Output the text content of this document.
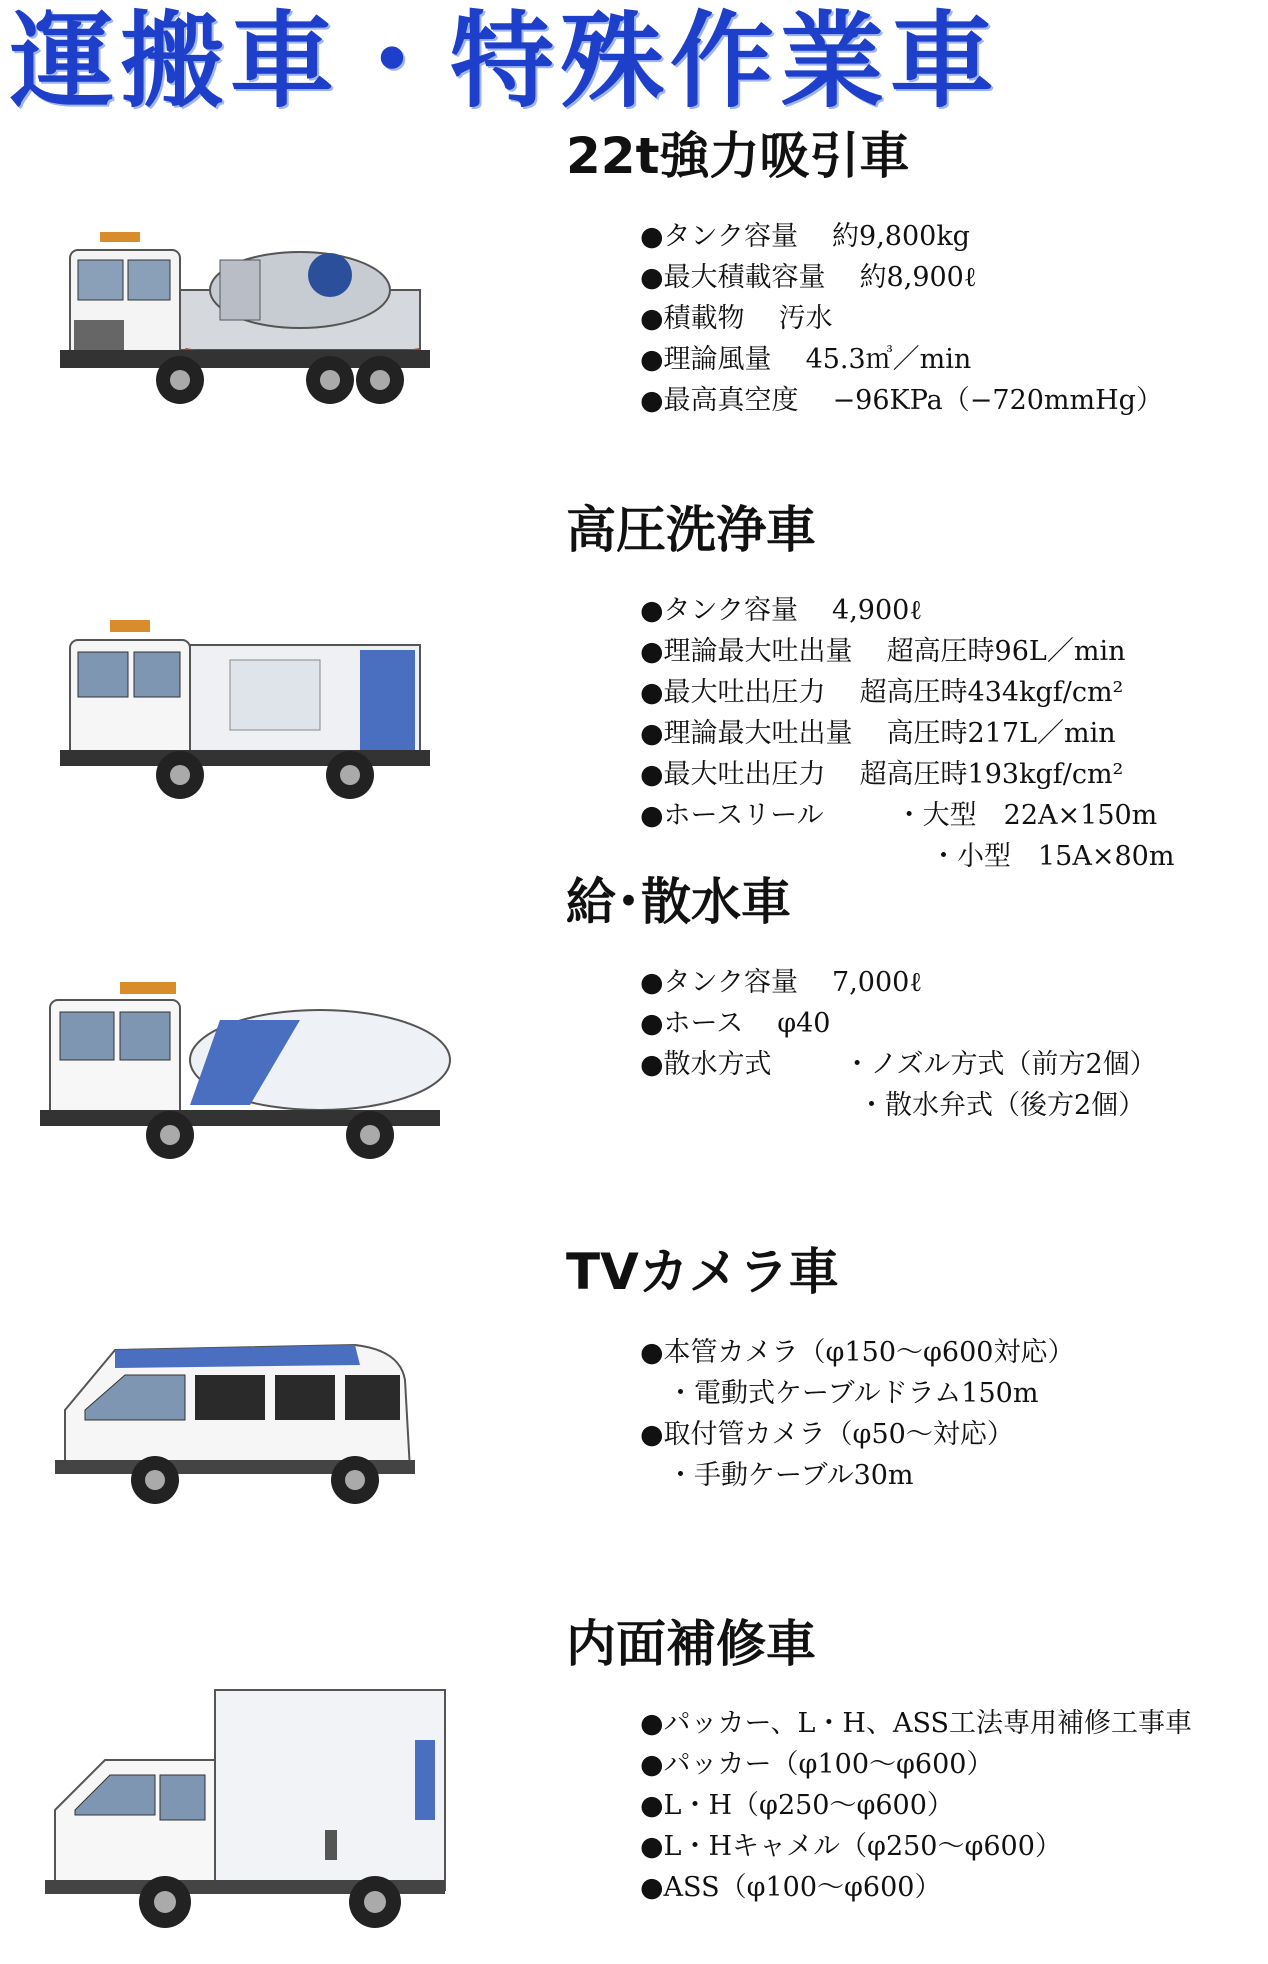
運搬車・特殊作業車
22t強力吸引車
●タンク容量 約9,800kg
●最大積載容量 約8,900ℓ
●積載物 汚水
●理論風量 45.3㎥／min
●最高真空度 −96KPa（−720mmHg）
高圧洗浄車
●タンク容量 4,900ℓ
●理論最大吐出量 超高圧時96L／min
●最大吐出圧力 超高圧時434kgf/cm²
●理論最大吐出量 高圧時217L／min
●最大吐出圧力 超高圧時193kgf/cm²
●ホースリール	・大型　22A×150m
・小型　15A×80m
給･散水車
●タンク容量 7,000ℓ
●ホース φ40
●散水方式	・ノズル方式（前方2個）
・散水弁式（後方2個）
TVカメラ車
●本管カメラ（φ150～φ600対応）
　・電動式ケーブルドラム150m
●取付管カメラ（φ50～対応）
　・手動ケーブル30m
内面補修車
●パッカー、L・H、ASS工法専用補修工事車
●パッカー（φ100～φ600）
●L・H（φ250～φ600）
●L・Hキャメル（φ250～φ600）
●ASS（φ100～φ600）
